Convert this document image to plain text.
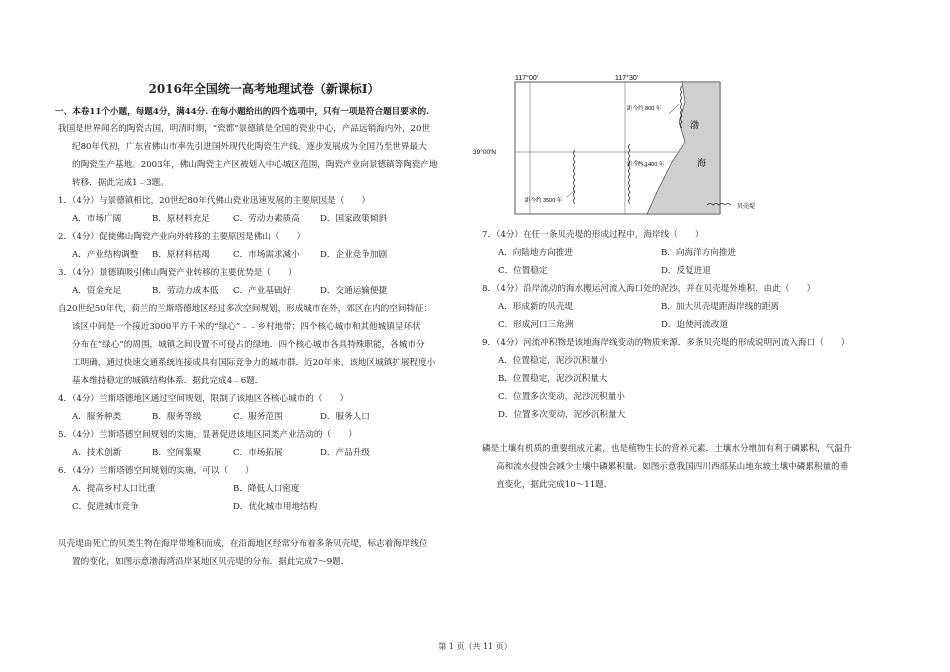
2016年全国统一高考地理试卷（新课标Ⅰ）
一、本卷11个小题，每题4分，满44分. 在每小题给出的四个选项中，只有一项是符合题目要求的.
我国是世界闻名的陶瓷古国，明清时期，“瓷都”景德镇是全国的瓷业中心，产品远销海内外，20世
纪80年代初，广东省佛山市率先引进国外现代化陶瓷生产线，逐步发展成为全国乃至世界最大
的陶瓷生产基地。2003年，佛山陶瓷主产区被划入中心城区范围，陶瓷产业向景德镇等陶瓷产地
转移．据此完成1﹣3题。
1．（4分）与景德镇相比，20世纪80年代佛山瓷业迅速发展的主要原因是（　　）
A．市场广阔	B．原材料充足	C．劳动力素质高 D．国家政策倾斜
2．（4分）促使佛山陶瓷产业向外转移的主要原因是佛山（　　）
A．产业结构调整 B．原材料枯竭	C．市场需求减小 D．企业竞争加剧
3．（4分）景德镇吸引佛山陶瓷产业转移的主要优势是（　　）
A．资金充足	B．劳动力成本低 C．产业基础好	D．交通运输便捷
自20世纪50年代，荷兰的兰斯塔德地区经过多次空间规划，形成城市在外，郊区在内的空间特征：
该区中间是一个接近3000平方千米的“绿心”﹣﹣乡村地带；四个核心城市和其他城镇呈环状
分布在“绿心”的周围，城镇之间设置不可侵占的绿地．四个核心城市各具特殊职能，各城市分
工明确，通过快速交通系统连接成具有国际竞争力的城市群．近20年来，该地区城镇扩展程度小
基本维持稳定的城镇结构体系．据此完成4﹣6题．
4．（4分）兰斯塔德地区通过空间规划，限制了该地区各核心城市的（　　）
A．服务种类	B．服务等级	C．服务范围	D．服务人口
5．（4分）兰斯塔德空间规划的实施，显著促进该地区同类产业活动的（　　）
A．技术创新	B．空间集聚	C．市场拓展	D．产品升级
6．（4分）兰斯塔德空间规划的实施，可以（　　）
A．提高乡村人口比重	B．降低人口密度
C．促进城市竞争	D．优化城市用地结构
贝壳堤由死亡的贝类生物在海岸带堆积而成，在沿海地区经常分布着多条贝壳堤，标志着海岸线位
置的变化，如图示意渤海湾沿岸某地区贝壳堤的分布．据此完成7～9题．
117°00'	117°30'
39°00'N
渤
海
距今约 800 年
距今约 1400 年
距今约 3500 年
贝壳堤
7．（4分）在任一条贝壳堤的形成过程中，海岸线（　　）
A．向陆地方向推进	B．向海洋方向推进
C．位置稳定	D．反复进退
8．（4分）沿岸流动的海水搬运河流入海口处的泥沙，并在贝壳堤外堆积．由此（　　）
A．形成新的贝壳堤	B．加大贝壳堤距海岸线的距离
C．形成河口三角洲	D．迫使河流改道
9．（4分）河流冲积物是该地海岸线变动的物质来源．多条贝壳堤的形成说明河流入海口（　　）
A．位置稳定，泥沙沉积量小
B．位置稳定，泥沙沉积量大
C．位置多次变动，泥沙沉积量小
D．位置多次变动，泥沙沉积量大
磷是土壤有机质的重要组成元素，也是植物生长的营养元素．土壤水分增加有利于磷累积，气温升
高和流水侵蚀会减少土壤中磷累积量．如图示意我国四川西部某山地东坡土壤中磷累积量的垂
直变化，据此完成10～11题．
第 1 页（共 11 页）
